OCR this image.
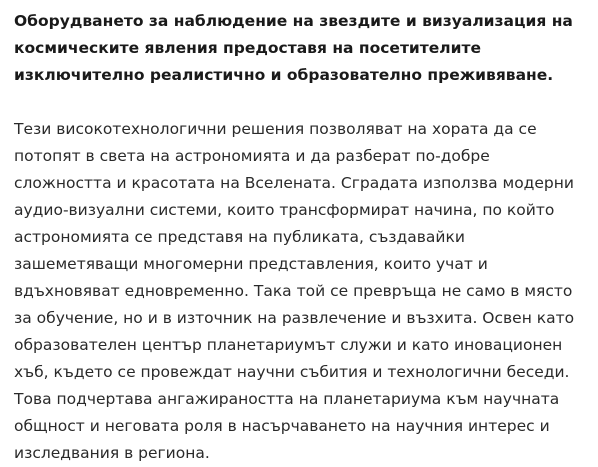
Оборудването за наблюдение на звездите и визуализация на космическите явления предоставя на посетителите изключително реалистично и образователно преживяване.

Тези високотехнологични решения позволяват на хората да се потопят в света на астрономията и да разберат по-добре сложността и красотата на Вселената. Сградата използва модерни аудио-визуални системи, които трансформират начина, по който астрономията се представя на публиката, създавайки зашеметяващи многомерни представления, които учат и вдъхновяват едновременно. Така той се превръща не само в място за обучение, но и в източник на развлечение и възхита. Освен като образователен център планетариумът служи и като иновационен хъб, където се провеждат научни събития и технологични беседи. Това подчертава ангажираността на планетариума към научната общност и неговата роля в насърчаването на научния интерес и изследвания в региона.
